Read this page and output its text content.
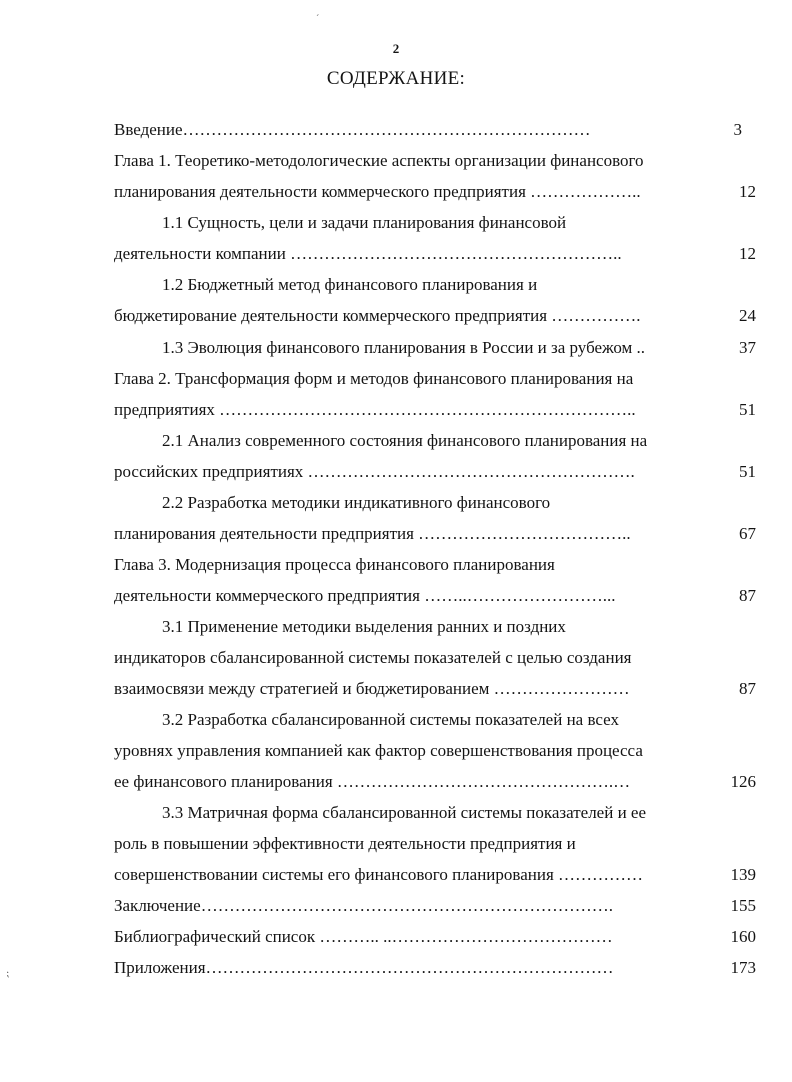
2
СОДЕРЖАНИЕ:
´
⁏
Введение………………………………………………………………	3
Глава 1. Теоретико-методологические аспекты организации финансового
планирования деятельности коммерческого предприятия ………………..	12
1.1 Сущность, цели и задачи планирования финансовой
деятельности компании …………………………………………………..	12
1.2 Бюджетный метод финансового планирования и
бюджетирование деятельности коммерческого предприятия …………….	24
1.3 Эволюция финансового планирования в России и за рубежом ..	37
Глава 2. Трансформация форм и методов финансового планирования на
предприятиях ………………………………………………………………..	51
2.1 Анализ современного состояния финансового планирования на
российских предприятиях ………………………………………………….	51
2.2 Разработка методики индикативного финансового
планирования деятельности предприятия ………………………………..	67
Глава 3. Модернизация процесса финансового планирования
деятельности коммерческого предприятия ……..……………………...	87
3.1 Применение методики выделения ранних и поздних
индикаторов сбалансированной системы показателей с целью создания
взаимосвязи между стратегией и бюджетированием ……………………	87
3.2 Разработка сбалансированной системы показателей на всех
уровнях управления компанией как фактор совершенствования процесса
ее финансового планирования ………………………………………….…	126
3.3 Матричная форма сбалансированной системы показателей и ее
роль в повышении эффективности деятельности предприятия и
совершенствовании системы его финансового планирования ……………	139
Заключение……………………………………………………………….	155
Библиографический список ……….. ..…………………………………	160
Приложения………………………………………………………………	173
